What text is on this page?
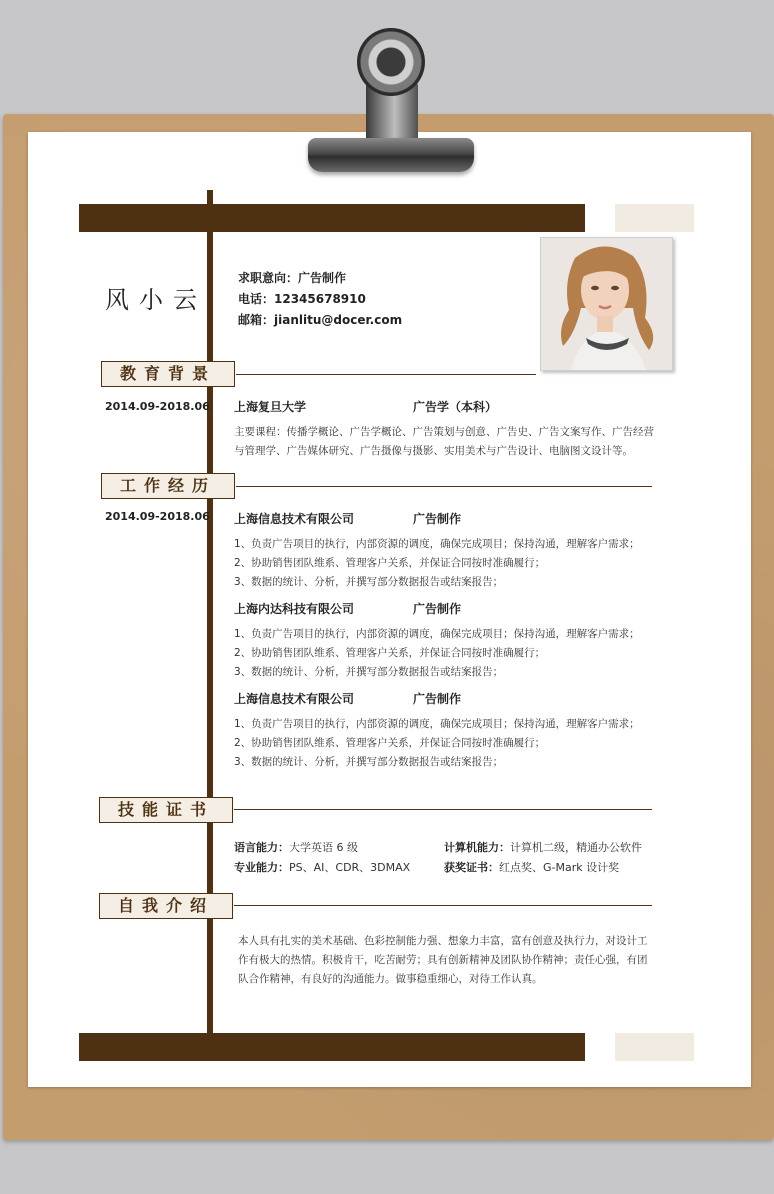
风小云
求职意向：广告制作
电话：12345678910
邮箱：jianlitu@docer.com
教育背景
2014.09-2018.06 上海复旦大学	广告学（本科）
主要课程：传播学概论、广告学概论、广告策划与创意、广告史、广告文案写作、广告经营与管理学、广告媒体研究、广告摄像与摄影、实用美术与广告设计、电脑图文设计等。
工作经历
2014.09-2018.06 上海信息技术有限公司	广告制作
1、负责广告项目的执行，内部资源的调度，确保完成项目；保持沟通，理解客户需求；
2、协助销售团队维系、管理客户关系，并保证合同按时准确履行；
3、数据的统计、分析，并撰写部分数据报告或结案报告；
上海内达科技有限公司	广告制作
1、负责广告项目的执行，内部资源的调度，确保完成项目；保持沟通，理解客户需求；
2、协助销售团队维系、管理客户关系，并保证合同按时准确履行；
3、数据的统计、分析，并撰写部分数据报告或结案报告；
上海信息技术有限公司	广告制作
1、负责广告项目的执行，内部资源的调度，确保完成项目；保持沟通，理解客户需求；
2、协助销售团队维系、管理客户关系，并保证合同按时准确履行；
3、数据的统计、分析，并撰写部分数据报告或结案报告；
技能证书
语言能力：大学英语 6 级	计算机能力：计算机二级，精通办公软件
专业能力：PS、AI、CDR、3DMAX	获奖证书：红点奖、G-Mark 设计奖
自我介绍
本人具有扎实的美术基础、色彩控制能力强、想象力丰富，富有创意及执行力，对设计工作有极大的热情。积极肯干，吃苦耐劳；具有创新精神及团队协作精神；责任心强，有团队合作精神，有良好的沟通能力。做事稳重细心，对待工作认真。
